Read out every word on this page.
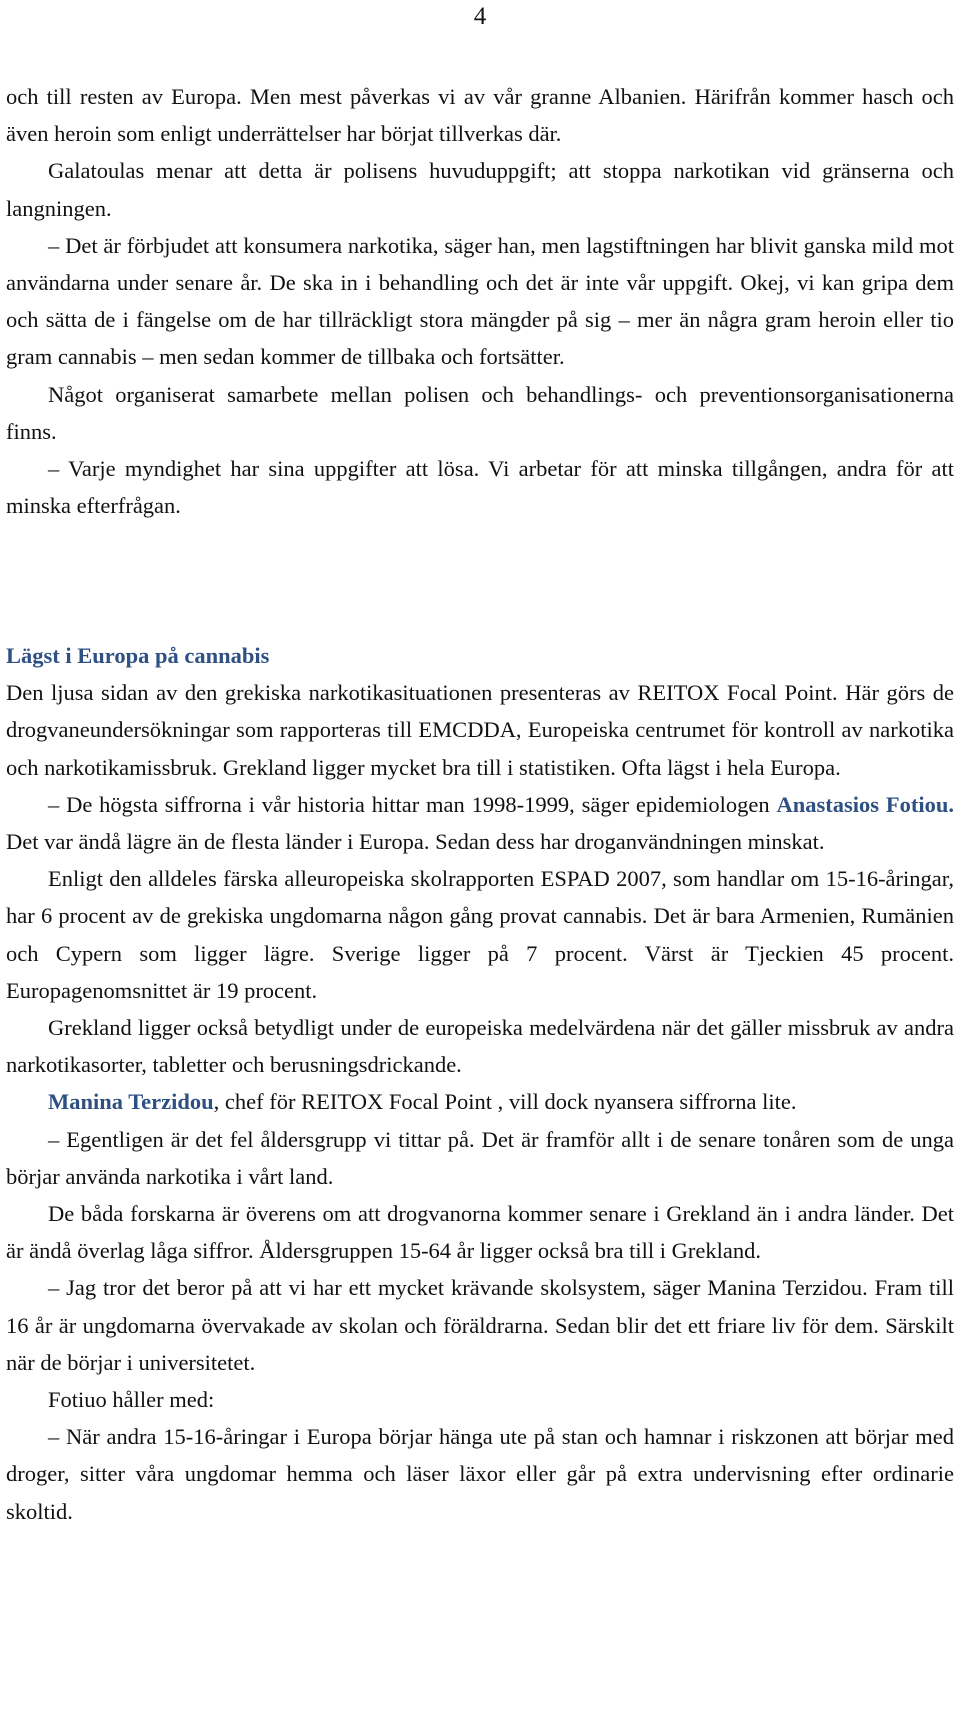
4

och till resten av Europa. Men mest påverkas vi av vår granne Albanien. Härifrån kommer hasch och även heroin som enligt underrättelser har börjat tillverkas där.

Galatoulas menar att detta är polisens huvuduppgift; att stoppa narkotikan vid gränserna och langningen.

– Det är förbjudet att konsumera narkotika, säger han, men lagstiftningen har blivit ganska mild mot användarna under senare år. De ska in i behandling och det är inte vår uppgift. Okej, vi kan gripa dem och sätta de i fängelse om de har tillräckligt stora mängder på sig – mer än några gram heroin eller tio gram cannabis – men sedan kommer de tillbaka och fortsätter.

Något organiserat samarbete mellan polisen och behandlings- och preventionsorganisationerna finns.

– Varje myndighet har sina uppgifter att lösa. Vi arbetar för att minska tillgången, andra för att minska efterfrågan.

Lägst i Europa på cannabis

Den ljusa sidan av den grekiska narkotikasituationen presenteras av REITOX Focal Point. Här görs de drogvaneundersökningar som rapporteras till EMCDDA, Europeiska centrumet för kontroll av narkotika och narkotikamissbruk. Grekland ligger mycket bra till i statistiken. Ofta lägst i hela Europa.

– De högsta siffrorna i vår historia hittar man 1998-1999, säger epidemiologen Anastasios Fotiou. Det var ändå lägre än de flesta länder i Europa. Sedan dess har droganvändningen minskat.

Enligt den alldeles färska alleuropeiska skolrapporten ESPAD 2007, som handlar om 15-16-åringar, har 6 procent av de grekiska ungdomarna någon gång provat cannabis. Det är bara Armenien, Rumänien och Cypern som ligger lägre. Sverige ligger på 7 procent. Värst är Tjeckien 45 procent. Europagenomsnittet är 19 procent.

Grekland ligger också betydligt under de europeiska medelvärdena när det gäller missbruk av andra narkotikasorter, tabletter och berusningsdrickande.

Manina Terzidou, chef för REITOX Focal Point , vill dock nyansera siffrorna lite.

– Egentligen är det fel åldersgrupp vi tittar på. Det är framför allt i de senare tonåren som de unga börjar använda narkotika i vårt land.

De båda forskarna är överens om att drogvanorna kommer senare i Grekland än i andra länder. Det är ändå överlag låga siffror. Åldersgruppen 15-64 år ligger också bra till i Grekland.

– Jag tror det beror på att vi har ett mycket krävande skolsystem, säger Manina Terzidou. Fram till 16 år är ungdomarna övervakade av skolan och föräldrarna. Sedan blir det ett friare liv för dem. Särskilt när de börjar i universitetet.

Fotiuo håller med:

– När andra 15-16-åringar i Europa börjar hänga ute på stan och hamnar i riskzonen att börjar med droger, sitter våra ungdomar hemma och läser läxor eller går på extra undervisning efter ordinarie skoltid.
